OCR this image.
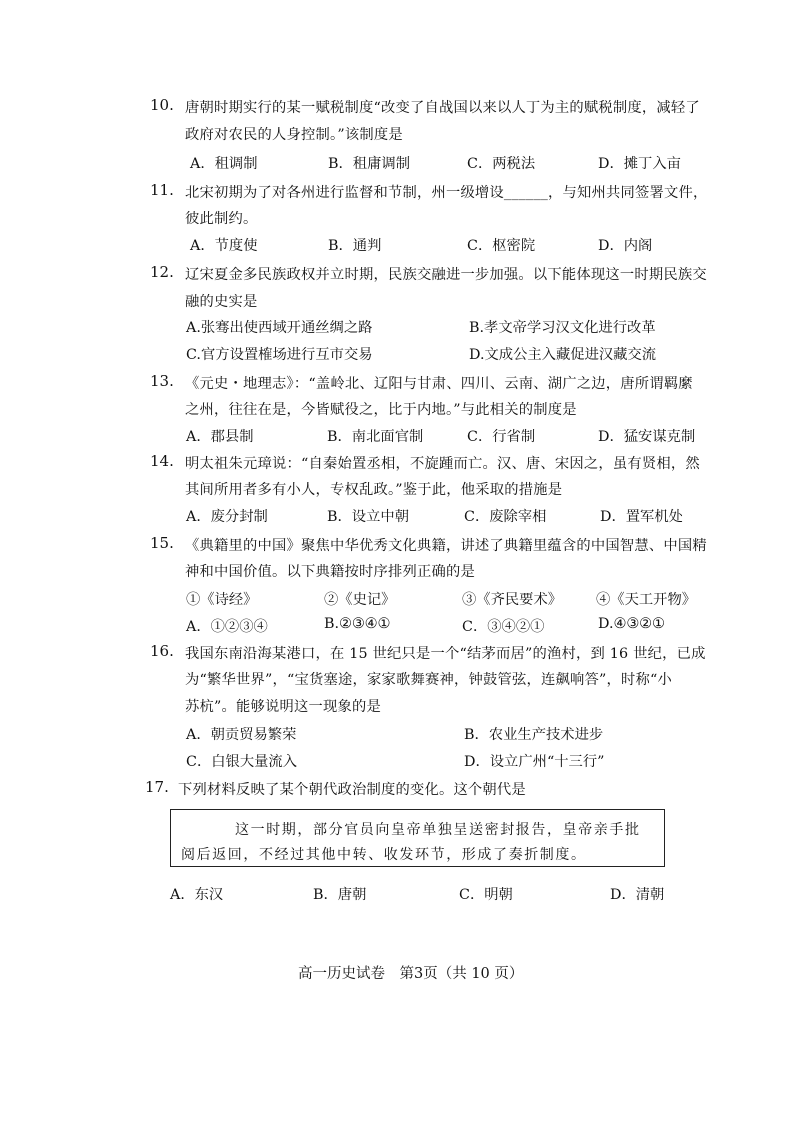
10. 唐朝时期实行的某一赋税制度“改变了自战国以来以人丁为主的赋税制度，减轻了
政府对农民的人身控制。”该制度是
A．租调制	B．租庸调制	C．两税法	D．摊丁入亩
11. 北宋初期为了对各州进行监督和节制，州一级增设______，与知州共同签署文件，
彼此制约。
A．节度使	B．通判	C．枢密院	D．内阁
12. 辽宋夏金多民族政权并立时期，民族交融进一步加强。以下能体现这一时期民族交
融的史实是
A.张骞出使西域开通丝绸之路	B.孝文帝学习汉文化进行改革
C.官方设置榷场进行互市交易	D.文成公主入藏促进汉藏交流
13. 《元史・地理志》：“盖岭北、辽阳与甘肃、四川、云南、湖广之边，唐所谓羁縻
之州，往往在是，今皆赋役之，比于内地。”与此相关的制度是
A．郡县制	B．南北面官制	C．行省制	D．猛安谋克制
14. 明太祖朱元璋说：“自秦始置丞相，不旋踵而亡。汉、唐、宋因之，虽有贤相，然
其间所用者多有小人，专权乱政。”鉴于此，他采取的措施是
A．废分封制	B．设立中朝	C．废除宰相	D．置军机处
15. 《典籍里的中国》聚焦中华优秀文化典籍，讲述了典籍里蕴含的中国智慧、中国精
神和中国价值。以下典籍按时序排列正确的是
①《诗经》	②《史记》	③《齐民要术》 ④《天工开物》
A．①②③④	B.②③④①	C．③④②①	D.④③②①
16. 我国东南沿海某港口，在 15 世纪只是一个“结茅而居”的渔村，到 16 世纪，已成
为“繁华世界”，“宝货塞途，家家歌舞赛神，钟鼓管弦，连飙响答”，时称“小
苏杭”。能够说明这一现象的是
A．朝贡贸易繁荣	B．农业生产技术进步
C．白银大量流入	D．设立广州“十三行”
17. 下列材料反映了某个朝代政治制度的变化。这个朝代是
这一时期，部分官员向皇帝单独呈送密封报告，皇帝亲手批
阅后返回，不经过其他中转、收发环节，形成了奏折制度。
A．东汉	B．唐朝	C．明朝	D．清朝
高一历史试卷　第3页（共 10 页）
